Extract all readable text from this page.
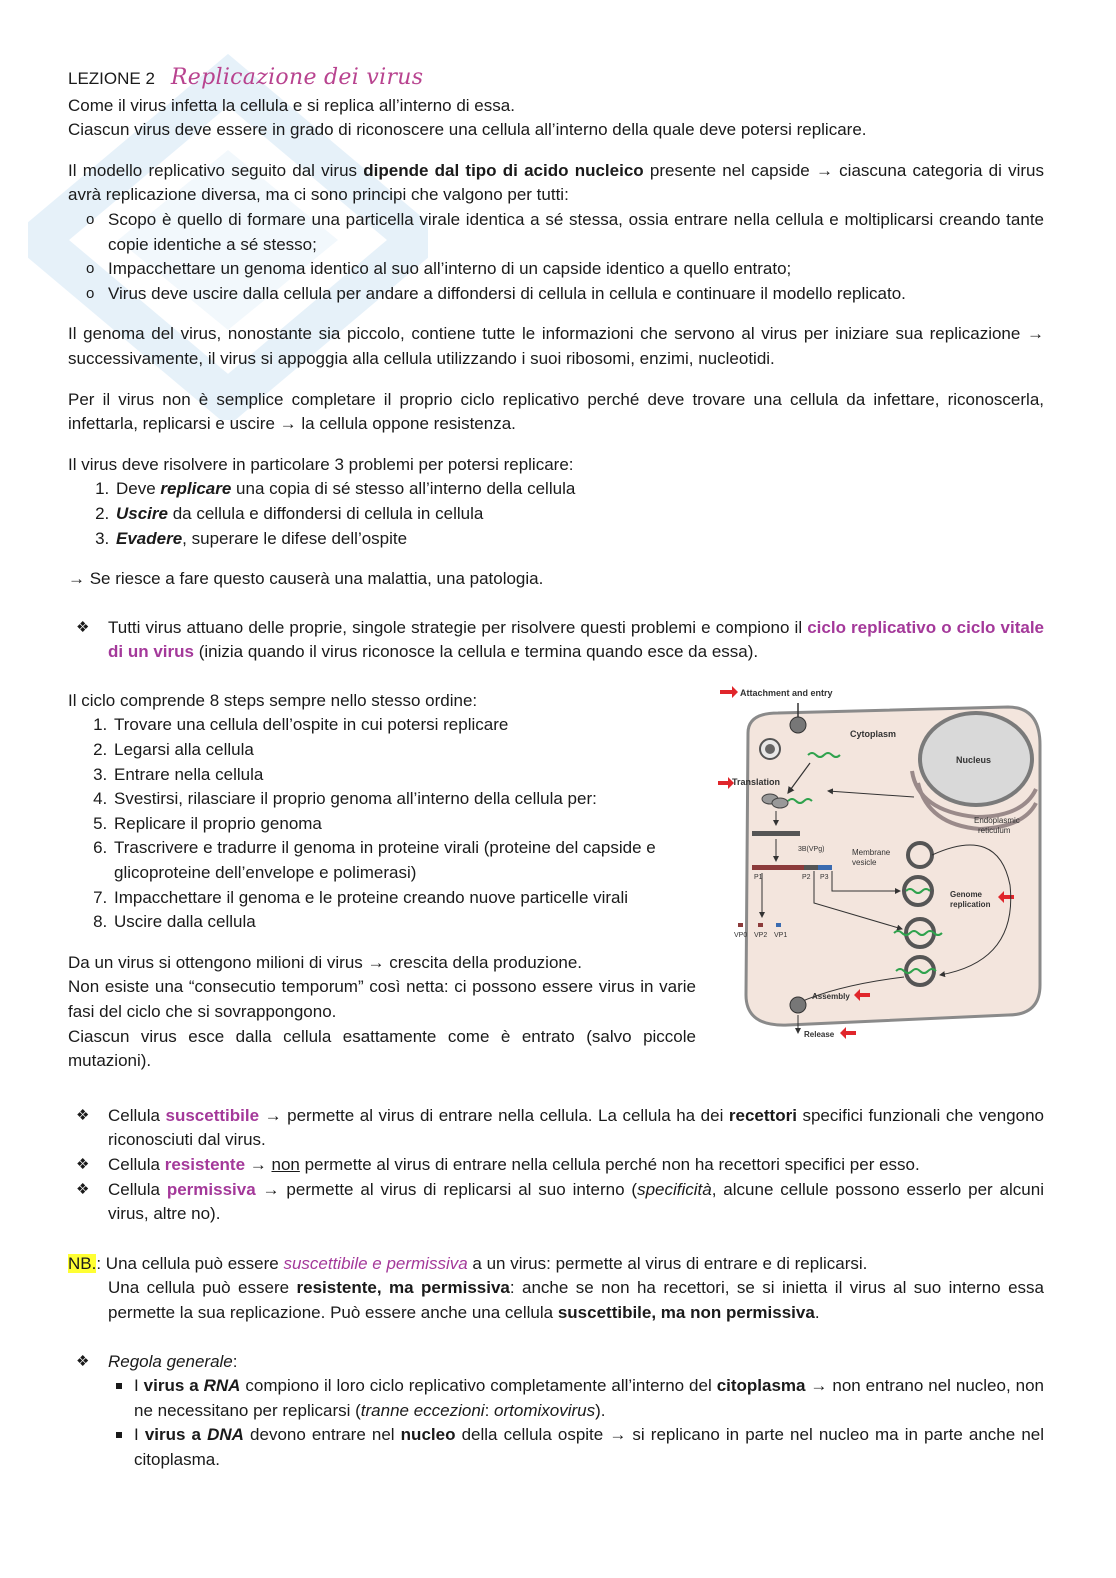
LEZIONE 2 Replicazione dei virus

Come il virus infetta la cellula e si replica all’interno di essa.

Ciascun virus deve essere in grado di riconoscere una cellula all’interno della quale deve potersi replicare.

Il modello replicativo seguito dal virus dipende dal tipo di acido nucleico presente nel capside → ciascuna categoria di virus avrà replicazione diversa, ma ci sono principi che valgono per tutti:

o Scopo è quello di formare una particella virale identica a sé stessa, ossia entrare nella cellula e moltiplicarsi creando tante copie identiche a sé stesso;
o Impacchettare un genoma identico al suo all’interno di un capside identico a quello entrato;
o Virus deve uscire dalla cellula per andare a diffondersi di cellula in cellula e continuare il modello replicato.

Il genoma del virus, nonostante sia piccolo, contiene tutte le informazioni che servono al virus per iniziare sua replicazione → successivamente, il virus si appoggia alla cellula utilizzando i suoi ribosomi, enzimi, nucleotidi.

Per il virus non è semplice completare il proprio ciclo replicativo perché deve trovare una cellula da infettare, riconoscerla, infettarla, replicarsi e uscire → la cellula oppone resistenza.

Il virus deve risolvere in particolare 3 problemi per potersi replicare:

1. Deve replicare una copia di sé stesso all’interno della cellula
2. Uscire da cellula e diffondersi di cellula in cellula
3. Evadere, superare le difese dell’ospite

→ Se riesce a fare questo causerà una malattia, una patologia.

❖ Tutti virus attuano delle proprie, singole strategie per risolvere questi problemi e compiono il ciclo replicativo o ciclo vitale di un virus (inizia quando il virus riconosce la cellula e termina quando esce da essa).

Il ciclo comprende 8 steps sempre nello stesso ordine:

1. Trovare una cellula dell’ospite in cui potersi replicare
2. Legarsi alla cellula
3. Entrare nella cellula
4. Svestirsi, rilasciare il proprio genoma all’interno della cellula per:
5. Replicare il proprio genoma
6. Trascrivere e tradurre il genoma in proteine virali (proteine del capside e glicoproteine dell’envelope e polimerasi)
7. Impacchettare il genoma e le proteine creando nuove particelle virali
8. Uscire dalla cellula

Da un virus si ottengono milioni di virus → crescita della produzione.

Non esiste una “consecutio temporum” così netta: ci possono essere virus in varie fasi del ciclo che si sovrappongono.

Ciascun virus esce dalla cellula esattamente come è entrato (salvo piccole mutazioni).

Attachment and entry
Cytoplasm
Nucleus
Translation
Endoplasmic
reticulum
3B(VPg)
P1	P2 P3
Membrane
vesicle
Genome
replication
VP0 VP2 VP1
Assembly
Release
❖ Cellula suscettibile → permette al virus di entrare nella cellula. La cellula ha dei recettori specifici funzionali che vengono riconosciuti dal virus.
❖ Cellula resistente → non permette al virus di entrare nella cellula perché non ha recettori specifici per esso.
❖ Cellula permissiva → permette al virus di replicarsi al suo interno (specificità, alcune cellule possono esserlo per alcuni virus, altre no).

NB.: Una cellula può essere suscettibile e permissiva a un virus: permette al virus di entrare e di replicarsi.

Una cellula può essere resistente, ma permissiva: anche se non ha recettori, se si inietta il virus al suo interno essa permette la sua replicazione. Può essere anche una cellula suscettibile, ma non permissiva.

❖ Regola generale:
I virus a RNA compiono il loro ciclo replicativo completamente all’interno del citoplasma → non entrano nel nucleo, non ne necessitano per replicarsi (tranne eccezioni: ortomixovirus).
I virus a DNA devono entrare nel nucleo della cellula ospite → si replicano in parte nel nucleo ma in parte anche nel citoplasma.
